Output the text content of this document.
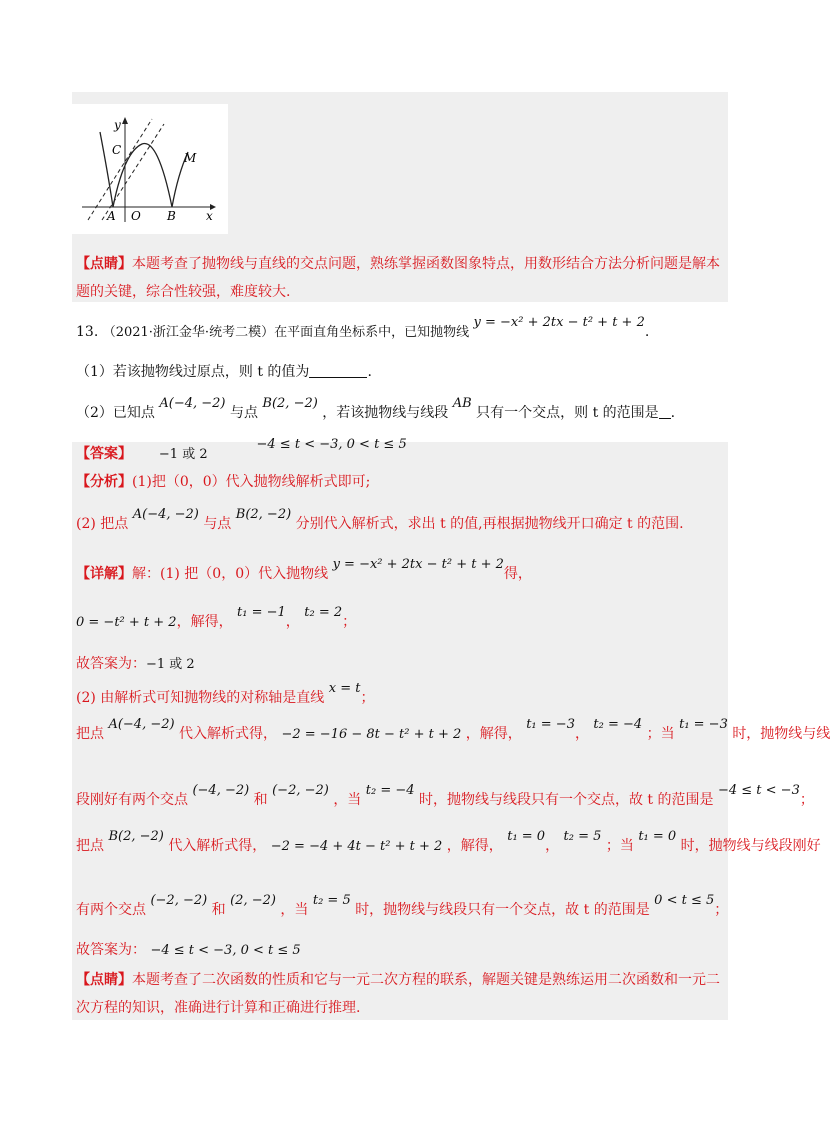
y
x
C
M
A O B
【点睛】本题考查了抛物线与直线的交点问题，熟练掌握函数图象特点，用数形结合方法分析问题是解本
题的关键，综合性较强，难度较大.
13. （2021·浙江金华·统考二模）在平面直角坐标系中，已知抛物线 y = −x² + 2tx − t² + t + 2.
（1）若该抛物线过原点，则 t 的值为	.
（2）已知点 A(−4, −2) 与点 B(2, −2) ，若该抛物线与线段 AB 只有一个交点，则 t 的范围是 .
【答案】 −1 或 2  −4 ≤ t < −3, 0 < t ≤ 5
【分析】(1)把（0，0）代入抛物线解析式即可;
(2) 把点 A(−4, −2) 与点 B(2, −2) 分别代入解析式，求出 t 的值,再根据抛物线开口确定 t 的范围.
【详解】解：(1) 把（0，0）代入抛物线 y = −x² + 2tx − t² + t + 2得，
0 = −t² + t + 2，解得， t₁ = −1， t₂ = 2；
故答案为：−1 或 2
(2) 由解析式可知抛物线的对称轴是直线 x = t；
把点 A(−4, −2) 代入解析式得， −2 = −16 − 8t − t² + t + 2 ，解得， t₁ = −3， t₂ = −4 ；当 t₁ = −3 时，抛物线与线
段刚好有两个交点 (−4, −2) 和 (−2, −2) ，当 t₂ = −4 时，抛物线与线段只有一个交点，故 t 的范围是 −4 ≤ t < −3；
把点 B(2, −2) 代入解析式得， −2 = −4 + 4t − t² + t + 2 ，解得， t₁ = 0， t₂ = 5 ；当 t₁ = 0 时，抛物线与线段刚好
有两个交点 (−2, −2) 和 (2, −2) ，当 t₂ = 5 时，抛物线与线段只有一个交点，故 t 的范围是 0 < t ≤ 5；
故答案为： −4 ≤ t < −3, 0 < t ≤ 5
【点睛】本题考查了二次函数的性质和它与一元二次方程的联系，解题关键是熟练运用二次函数和一元二
次方程的知识，准确进行计算和正确进行推理.
